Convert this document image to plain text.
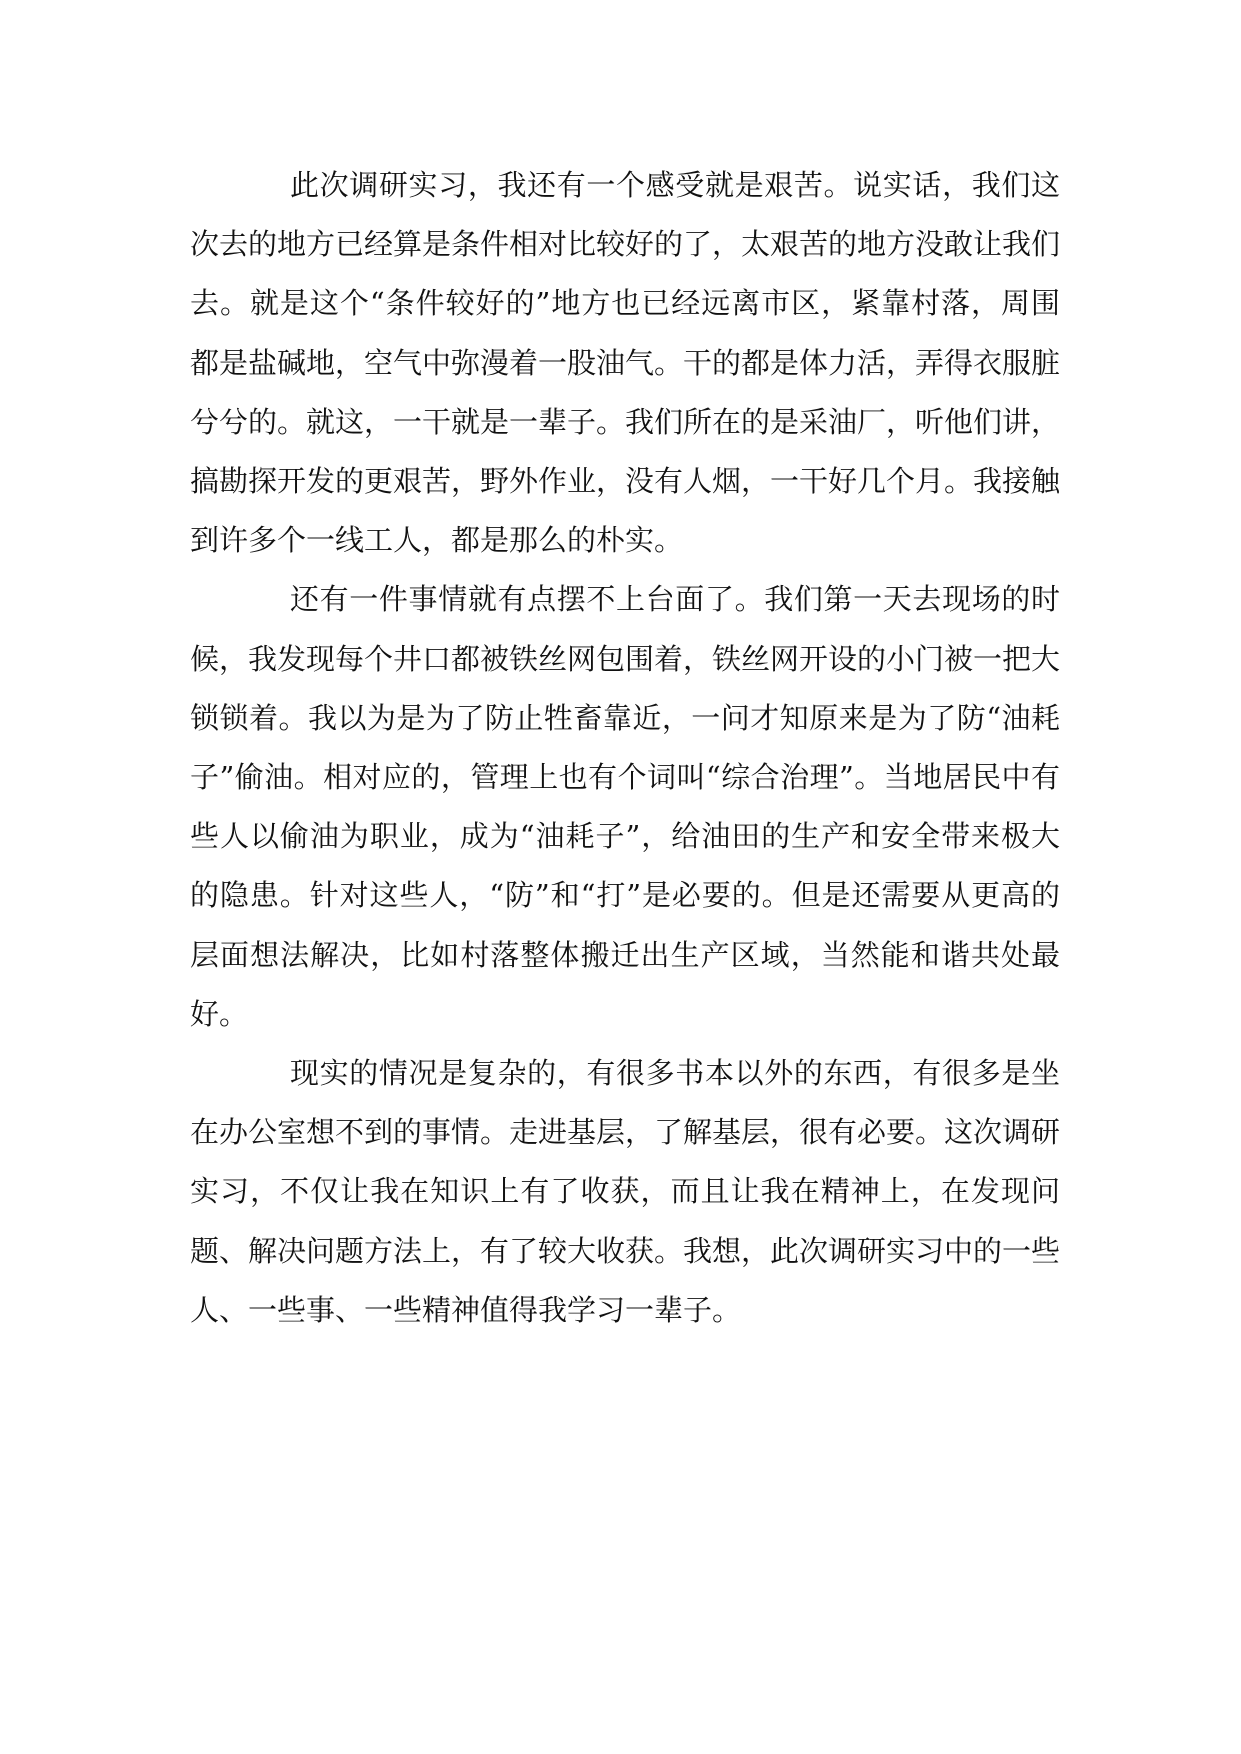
此次调研实习，我还有一个感受就是艰苦。说实话，我们这次去的地方已经算是条件相对比较好的了，太艰苦的地方没敢让我们去。就是这个“条件较好的”地方也已经远离市区，紧靠村落，周围都是盐碱地，空气中弥漫着一股油气。干的都是体力活，弄得衣服脏兮兮的。就这，一干就是一辈子。我们所在的是采油厂，听他们讲，搞勘探开发的更艰苦，野外作业，没有人烟，一干好几个月。我接触到许多个一线工人，都是那么的朴实。

还有一件事情就有点摆不上台面了。我们第一天去现场的时候，我发现每个井口都被铁丝网包围着，铁丝网开设的小门被一把大锁锁着。我以为是为了防止牲畜靠近，一问才知原来是为了防“油耗子”偷油。相对应的，管理上也有个词叫“综合治理”。当地居民中有些人以偷油为职业，成为“油耗子”，给油田的生产和安全带来极大的隐患。针对这些人，“防”和“打”是必要的。但是还需要从更高的层面想法解决，比如村落整体搬迁出生产区域，当然能和谐共处最好。

现实的情况是复杂的，有很多书本以外的东西，有很多是坐在办公室想不到的事情。走进基层，了解基层，很有必要。这次调研实习，不仅让我在知识上有了收获，而且让我在精神上，在发现问题、解决问题方法上，有了较大收获。我想，此次调研实习中的一些人、一些事、一些精神值得我学习一辈子。
